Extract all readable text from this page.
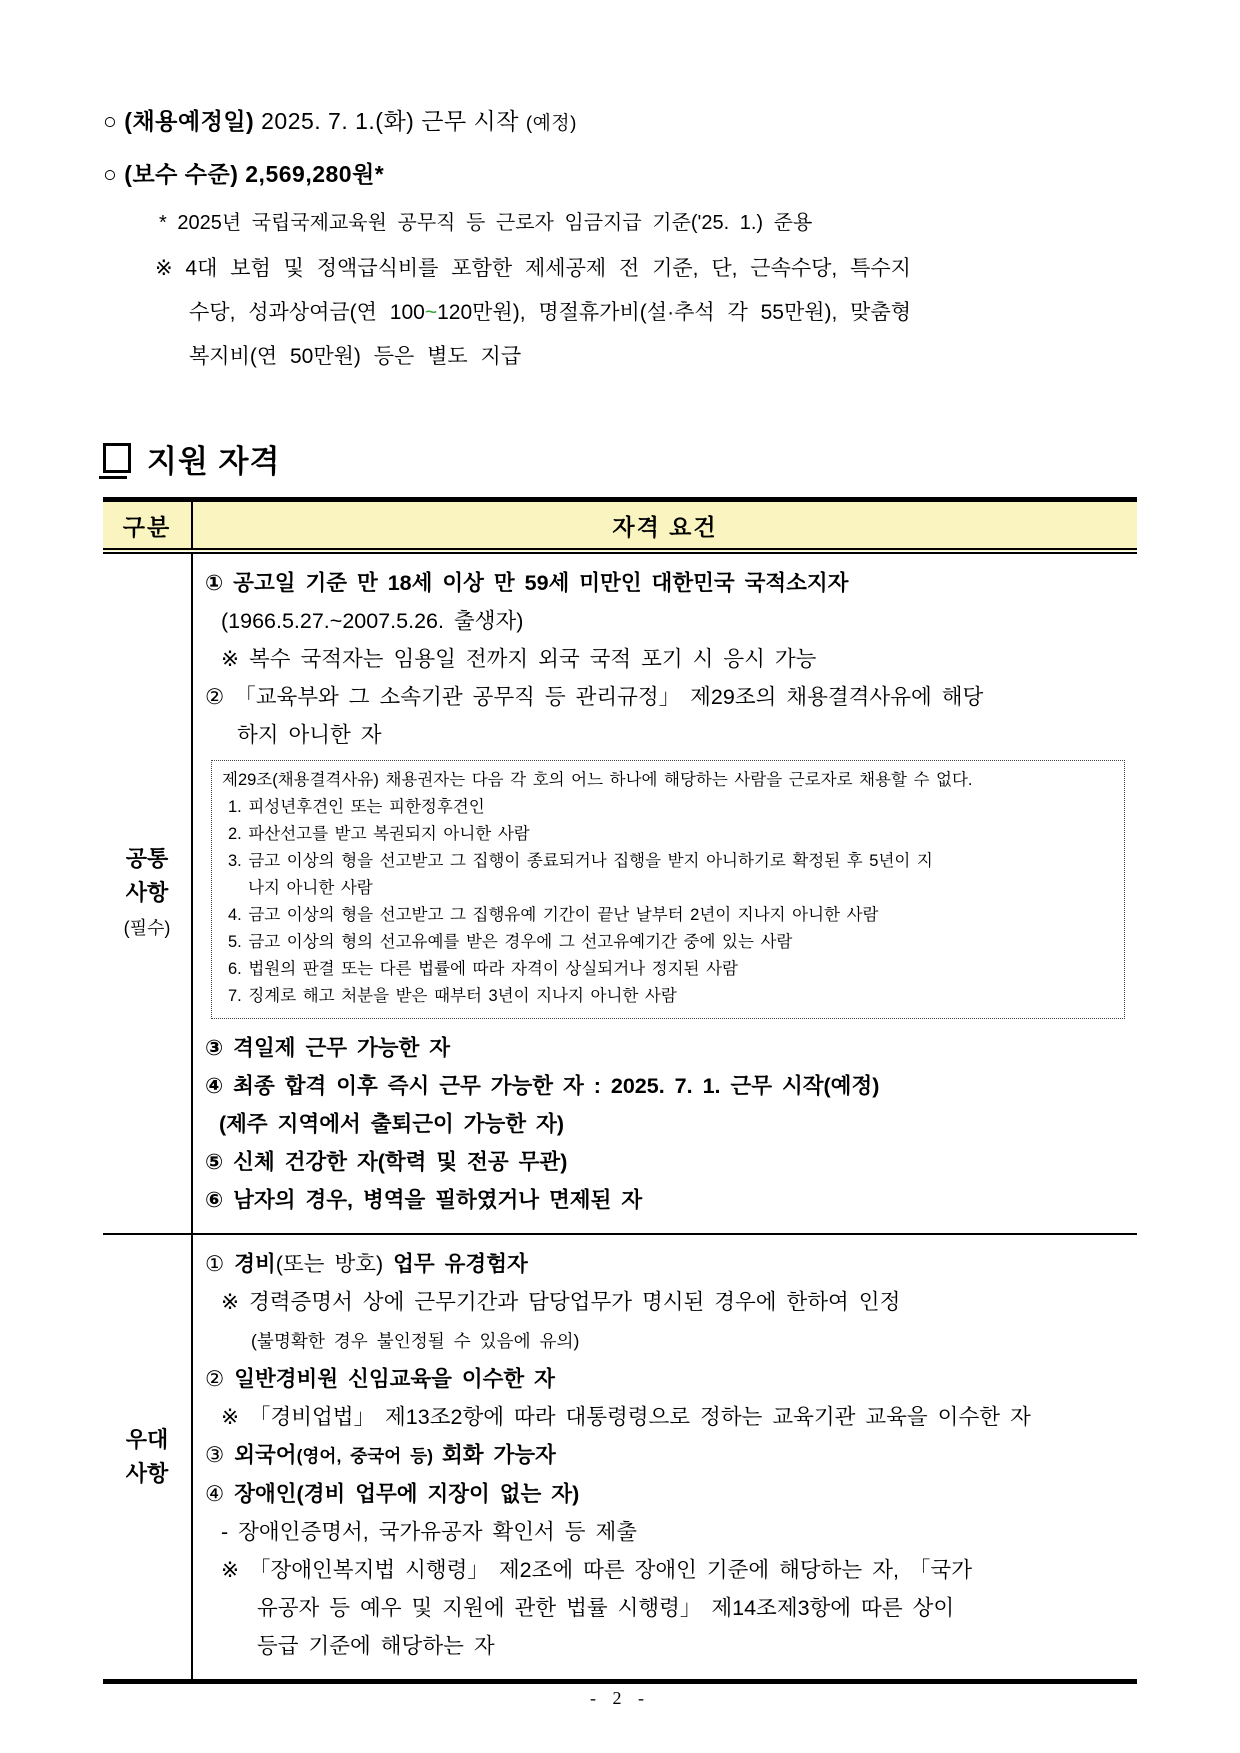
○ (채용예정일) 2025. 7. 1.(화) 근무 시작 (예정)
○ (보수 수준) 2,569,280원*
* 2025년 국립국제교육원 공무직 등 근로자 임금지급 기준('25. 1.) 준용
※ 4대 보험 및 정액급식비를 포함한 제세공제 전 기준, 단, 근속수당, 특수지
수당, 성과상여금(연 100~120만원), 명절휴가비(설·추석 각 55만원), 맞춤형
복지비(연 50만원) 등은 별도 지급
지원 자격
구분	자격 요건

공통
사항
(필수)

① 공고일 기준 만 18세 이상 만 59세 미만인 대한민국 국적소지자
(1966.5.27.~2007.5.26. 출생자)
※ 복수 국적자는 임용일 전까지 외국 국적 포기 시 응시 가능
② 「교육부와 그 소속기관 공무직 등 관리규정」 제29조의 채용결격사유에 해당
하지 아니한 자
제29조(채용결격사유) 채용권자는 다음 각 호의 어느 하나에 해당하는 사람을 근로자로 채용할 수 없다.
1. 피성년후견인 또는 피한정후견인
2. 파산선고를 받고 복권되지 아니한 사람
3. 금고 이상의 형을 선고받고 그 집행이 종료되거나 집행을 받지 아니하기로 확정된 후 5년이 지
나지 아니한 사람
4. 금고 이상의 형을 선고받고 그 집행유예 기간이 끝난 날부터 2년이 지나지 아니한 사람
5. 금고 이상의 형의 선고유예를 받은 경우에 그 선고유예기간 중에 있는 사람
6. 법원의 판결 또는 다른 법률에 따라 자격이 상실되거나 정지된 사람
7. 징계로 해고 처분을 받은 때부터 3년이 지나지 아니한 사람
③ 격일제 근무 가능한 자
④ 최종 합격 이후 즉시 근무 가능한 자 : 2025. 7. 1. 근무 시작(예정)
(제주 지역에서 출퇴근이 가능한 자)
⑤ 신체 건강한 자(학력 및 전공 무관)
⑥ 남자의 경우, 병역을 필하였거나 면제된 자

우대
사항

① 경비(또는 방호) 업무 유경험자
※ 경력증명서 상에 근무기간과 담당업무가 명시된 경우에 한하여 인정
(불명확한 경우 불인정될 수 있음에 유의)
② 일반경비원 신임교육을 이수한 자
※ 「경비업법」 제13조2항에 따라 대통령령으로 정하는 교육기관 교육을 이수한 자
③ 외국어(영어, 중국어 등) 회화 가능자
④ 장애인(경비 업무에 지장이 없는 자)
- 장애인증명서, 국가유공자 확인서 등 제출
※ 「장애인복지법 시행령」 제2조에 따른 장애인 기준에 해당하는 자, 「국가
유공자 등 예우 및 지원에 관한 법률 시행령」 제14조제3항에 따른 상이
등급 기준에 해당하는 자
- 2 -
